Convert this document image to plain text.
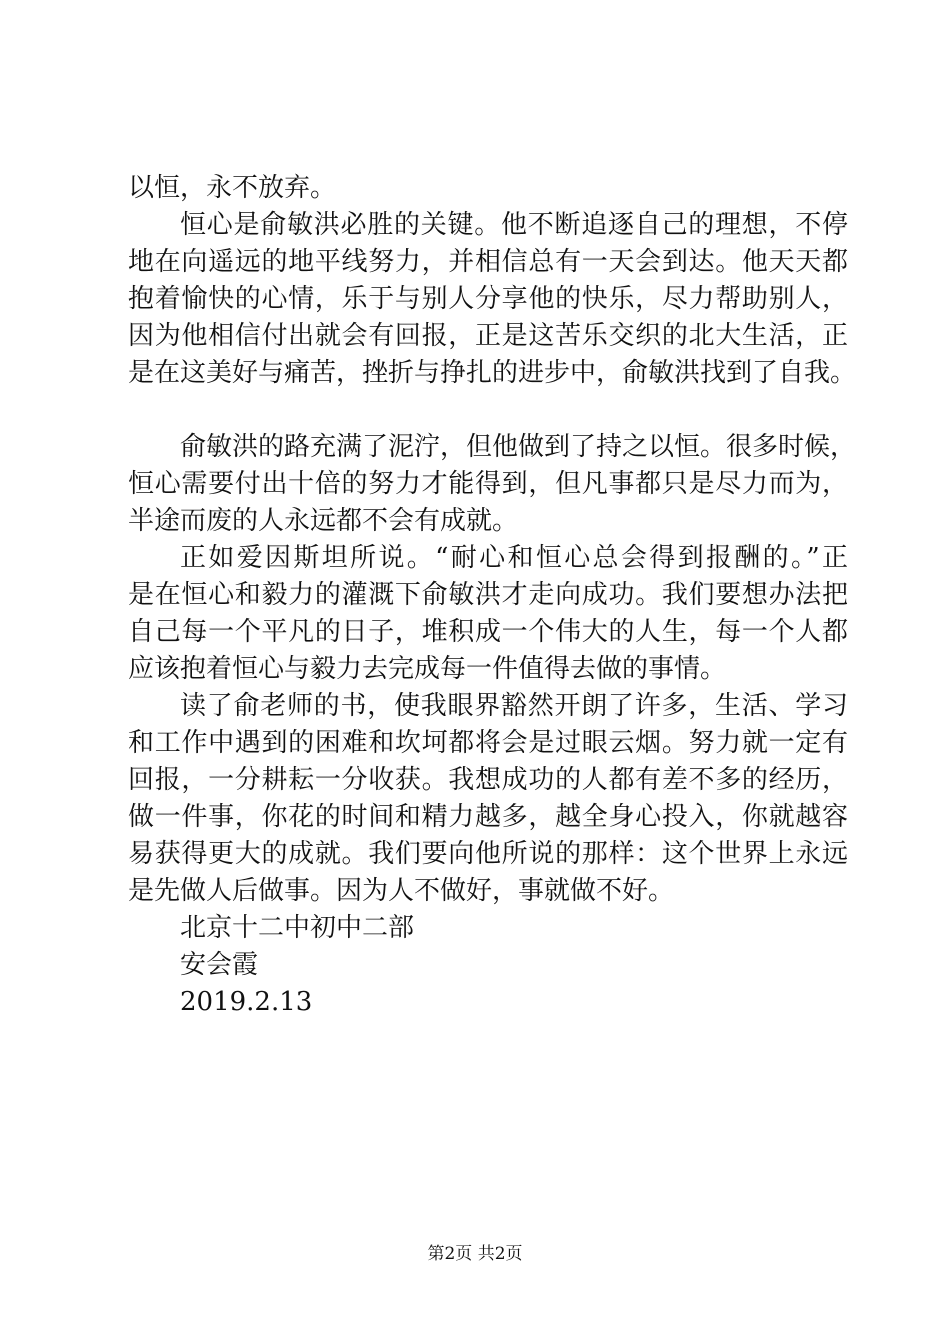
以恒，永不放弃。
恒心是俞敏洪必胜的关键。他不断追逐自己的理想，不停
地在向遥远的地平线努力，并相信总有一天会到达。他天天都
抱着愉快的心情，乐于与别人分享他的快乐，尽力帮助别人，
因为他相信付出就会有回报，正是这苦乐交织的北大生活，正
是在这美好与痛苦，挫折与挣扎的进步中，俞敏洪找到了自我。
俞敏洪的路充满了泥泞，但他做到了持之以恒。很多时候，
恒心需要付出十倍的努力才能得到，但凡事都只是尽力而为，
半途而废的人永远都不会有成就。
正如爱因斯坦所说。“耐心和恒心总会得到报酬的。”正
是在恒心和毅力的灌溉下俞敏洪才走向成功。我们要想办法把
自己每一个平凡的日子，堆积成一个伟大的人生，每一个人都
应该抱着恒心与毅力去完成每一件值得去做的事情。
读了俞老师的书，使我眼界豁然开朗了许多，生活、学习
和工作中遇到的困难和坎坷都将会是过眼云烟。努力就一定有
回报，一分耕耘一分收获。我想成功的人都有差不多的经历，
做一件事，你花的时间和精力越多，越全身心投入，你就越容
易获得更大的成就。我们要向他所说的那样：这个世界上永远
是先做人后做事。因为人不做好，事就做不好。
北京十二中初中二部
安会霞
2019.2.13
第2页 共2页
